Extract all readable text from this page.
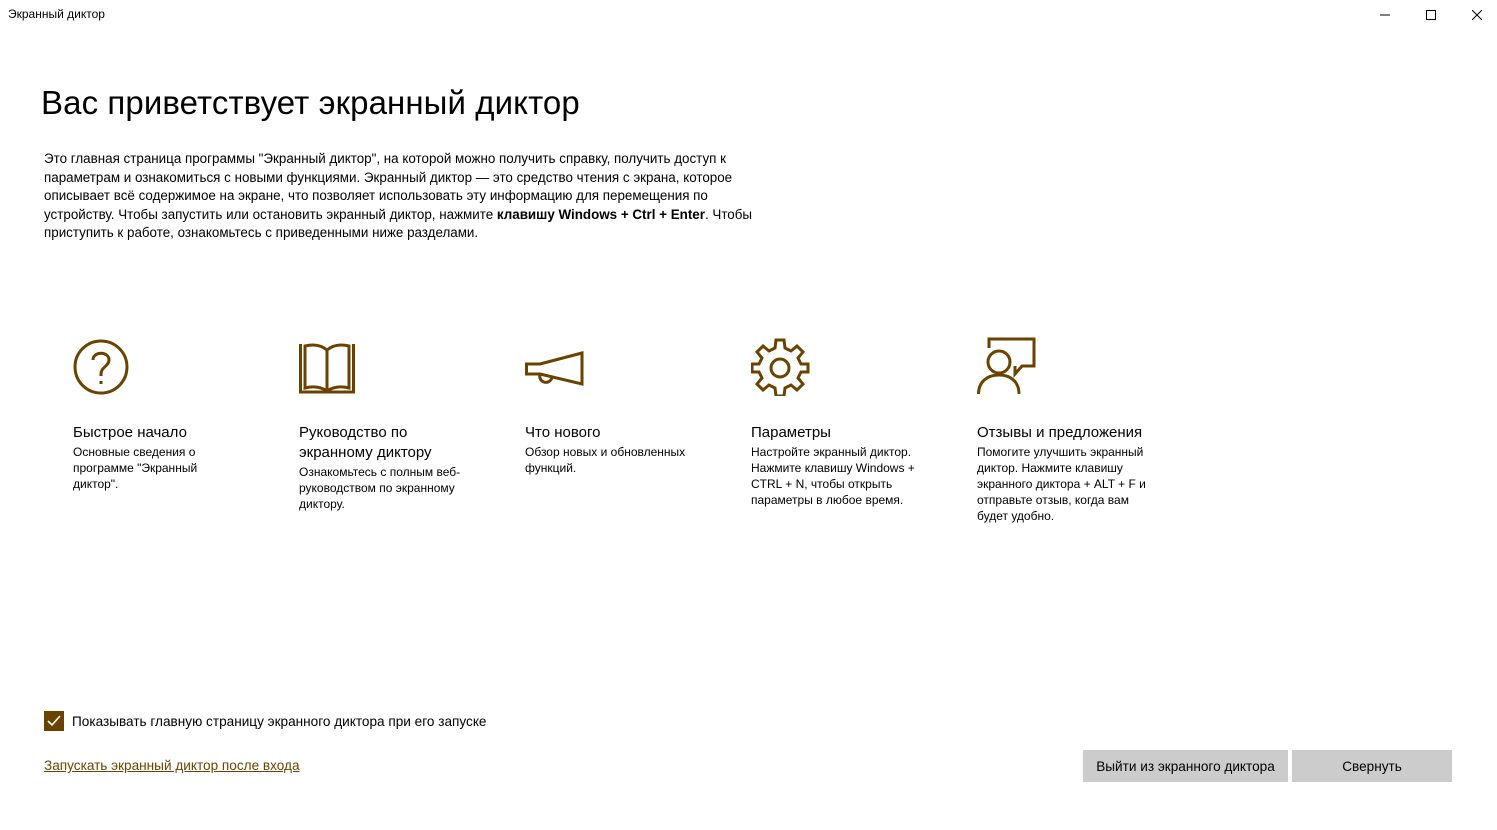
Экранный диктор
Вас приветствует экранный диктор
Это главная страница программы "Экранный диктор", на которой можно получить справку, получить доступ к параметрам и ознакомиться с новыми функциями. Экранный диктор — это средство чтения с экрана, которое описывает всё содержимое на экране, что позволяет использовать эту информацию для перемещения по устройству. Чтобы запустить или остановить экранный диктор, нажмите клавишу Windows + Ctrl + Enter. Чтобы приступить к работе, ознакомьтесь с приведенными ниже разделами.
Быстрое начало
Основные сведения о программе "Экранный диктор".
Руководство по экранному диктору
Ознакомьтесь с полным веб-руководством по экранному диктору.
Что нового
Обзор новых и обновленных функций.
Параметры
Настройте экранный диктор. Нажмите клавишу Windows + CTRL + N, чтобы открыть параметры в любое время.
Отзывы и предложения
Помогите улучшить экранный диктор. Нажмите клавишу экранного диктора + ALT + F и отправьте отзыв, когда вам будет удобно.
Показывать главную страницу экранного диктора при его запуске
Запускать экранный диктор после входа	Выйти из экранного диктора	Свернуть
